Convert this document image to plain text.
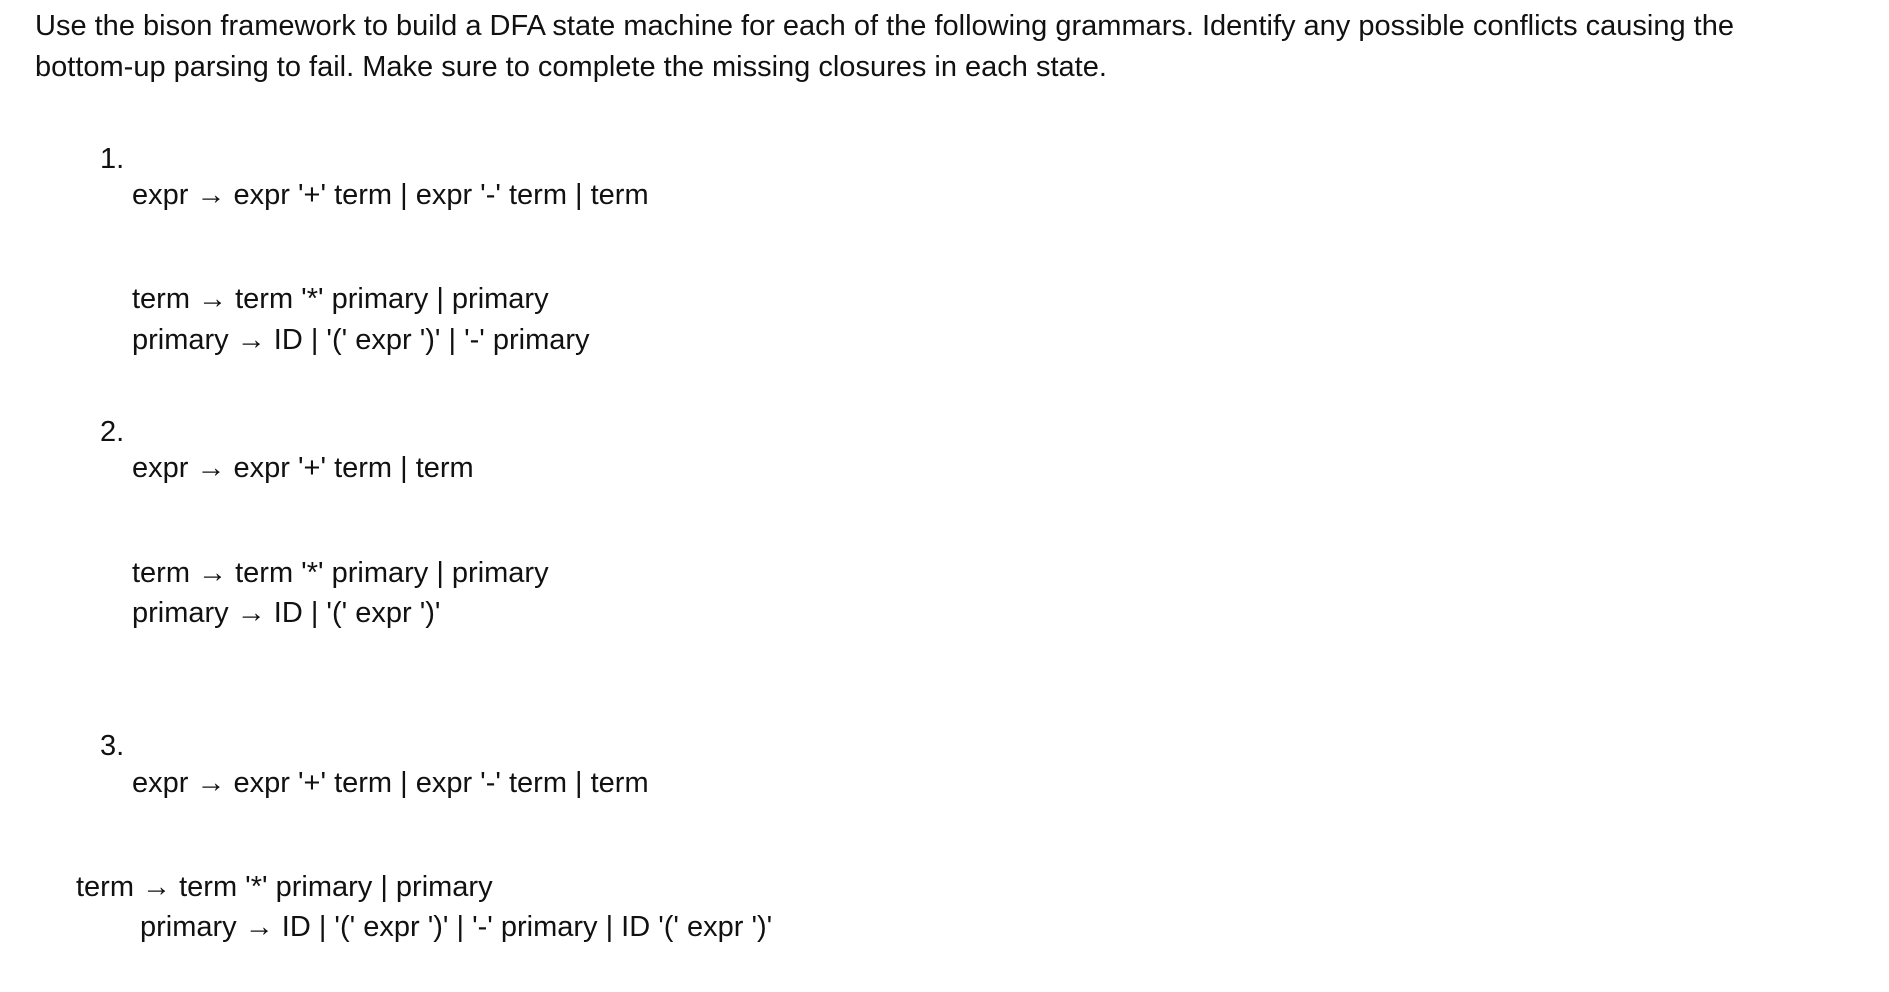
Use the bison framework to build a DFA state machine for each of the following grammars. Identify any possible conflicts causing the bottom-up parsing to fail. Make sure to complete the missing closures in each state.

1.

expr → expr '+' term | expr '-' term | term

term → term '*' primary | primary

primary → ID | '(' expr ')' | '-' primary

2.

expr → expr '+' term | term

term → term '*' primary | primary

primary → ID | '(' expr ')'

3.

expr → expr '+' term | expr '-' term | term

term → term '*' primary | primary

primary → ID | '(' expr ')' | '-' primary | ID '(' expr ')'
